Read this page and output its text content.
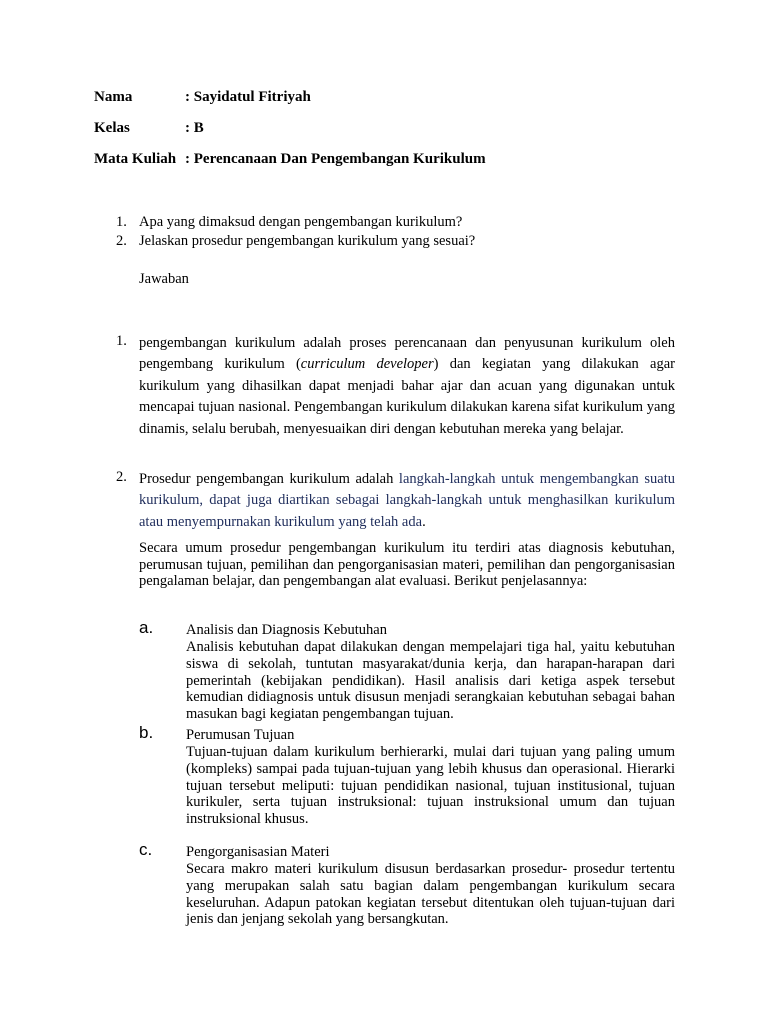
Nama	: Sayidatul Fitriyah
Kelas	: B
Mata Kuliah : Perencanaan Dan Pengembangan Kurikulum
1. Apa yang dimaksud dengan pengembangan kurikulum?
2. Jelaskan prosedur pengembangan kurikulum yang sesuai?
Jawaban
1. pengembangan kurikulum adalah proses perencanaan dan penyusunan kurikulum oleh pengembang kurikulum (curriculum developer) dan kegiatan yang dilakukan agar kurikulum yang dihasilkan dapat menjadi bahar ajar dan acuan yang digunakan untuk mencapai tujuan nasional. Pengembangan kurikulum dilakukan karena sifat kurikulum yang dinamis, selalu berubah, menyesuaikan diri dengan kebutuhan mereka yang belajar.
2. Prosedur pengembangan kurikulum adalah langkah-langkah untuk mengembangkan suatu kurikulum, dapat juga diartikan sebagai langkah-langkah untuk menghasilkan kurikulum atau menyempurnakan kurikulum yang telah ada.
Secara umum prosedur pengembangan kurikulum itu terdiri atas diagnosis kebutuhan, perumusan tujuan, pemilihan dan pengorganisasian materi, pemilihan dan pengorganisasian pengalaman belajar, dan pengembangan alat evaluasi. Berikut penjelasannya:
a. Analisis dan Diagnosis Kebutuhan
Analisis kebutuhan dapat dilakukan dengan mempelajari tiga hal, yaitu kebutuhan siswa di sekolah, tuntutan masyarakat/dunia kerja, dan harapan-harapan dari pemerintah (kebijakan pendidikan). Hasil analisis dari ketiga aspek tersebut kemudian didiagnosis untuk disusun menjadi serangkaian kebutuhan sebagai bahan masukan bagi kegiatan pengembangan tujuan.
b. Perumusan Tujuan
Tujuan-tujuan dalam kurikulum berhierarki, mulai dari tujuan yang paling umum (kompleks) sampai pada tujuan-tujuan yang lebih khusus dan operasional. Hierarki tujuan tersebut meliputi: tujuan pendidikan nasional, tujuan institusional, tujuan kurikuler, serta tujuan instruksional: tujuan instruksional umum dan tujuan instruksional khusus.
c. Pengorganisasian Materi
Secara makro materi kurikulum disusun berdasarkan prosedur- prosedur tertentu yang merupakan salah satu bagian dalam pengembangan kurikulum secara keseluruhan. Adapun patokan kegiatan tersebut ditentukan oleh tujuan-tujuan dari jenis dan jenjang sekolah yang bersangkutan.
